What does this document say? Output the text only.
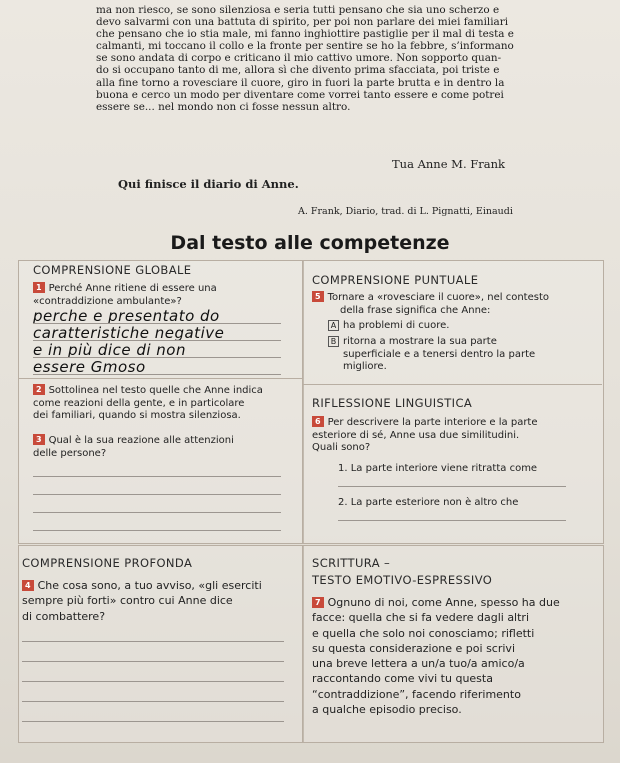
ma non riesco, se sono silenziosa e seria tutti pensano che sia uno scherzo e
devo salvarmi con una battuta di spirito, per poi non parlare dei miei familiari
che pensano che io stia male, mi fanno inghiottire pastiglie per il mal di testa e
calmanti, mi toccano il collo e la fronte per sentire se ho la febbre, s’informano
se sono andata di corpo e criticano il mio cattivo umore. Non sopporto quan-
do si occupano tanto di me, allora sì che divento prima sfacciata, poi triste e
alla fine torno a rovesciare il cuore, giro in fuori la parte brutta e in dentro la
buona e cerco un modo per diventare come vorrei tanto essere e come potrei
essere se... nel mondo non ci fosse nessun altro.
Tua Anne M. Frank
Qui finisce il diario di Anne.
A. Frank, Diario, trad. di L. Pignatti, Einaudi
Dal testo alle competenze
COMPRENSIONE GLOBALE
1 Perché Anne ritiene di essere una
«contraddizione ambulante»?
perche e presentato do
caratteristiche negative
e in più dice di non
essere Gmoso
2 Sottolinea nel testo quelle che Anne indica
come reazioni della gente, e in particolare
dei familiari, quando si mostra silenziosa.
3 Qual è la sua reazione alle attenzioni
delle persone?
COMPRENSIONE PUNTUALE
5 Tornare a «rovesciare il cuore», nel contesto
della frase significa che Anne:
A ha problemi di cuore.
B ritorna a mostrare la sua parte
superficiale e a tenersi dentro la parte
migliore.
RIFLESSIONE LINGUISTICA
6 Per descrivere la parte interiore e la parte
esteriore di sé, Anne usa due similitudini.
Quali sono?
1. La parte interiore viene ritratta come
2. La parte esteriore non è altro che
COMPRENSIONE PROFONDA
4 Che cosa sono, a tuo avviso, «gli eserciti
sempre più forti» contro cui Anne dice
di combattere?
SCRITTURA –
TESTO EMOTIVO-ESPRESSIVO
7 Ognuno di noi, come Anne, spesso ha due
facce: quella che si fa vedere dagli altri
e quella che solo noi conosciamo; rifletti
su questa considerazione e poi scrivi
una breve lettera a un/a tuo/a amico/a
raccontando come vivi tu questa
“contraddizione”, facendo riferimento
a qualche episodio preciso.
